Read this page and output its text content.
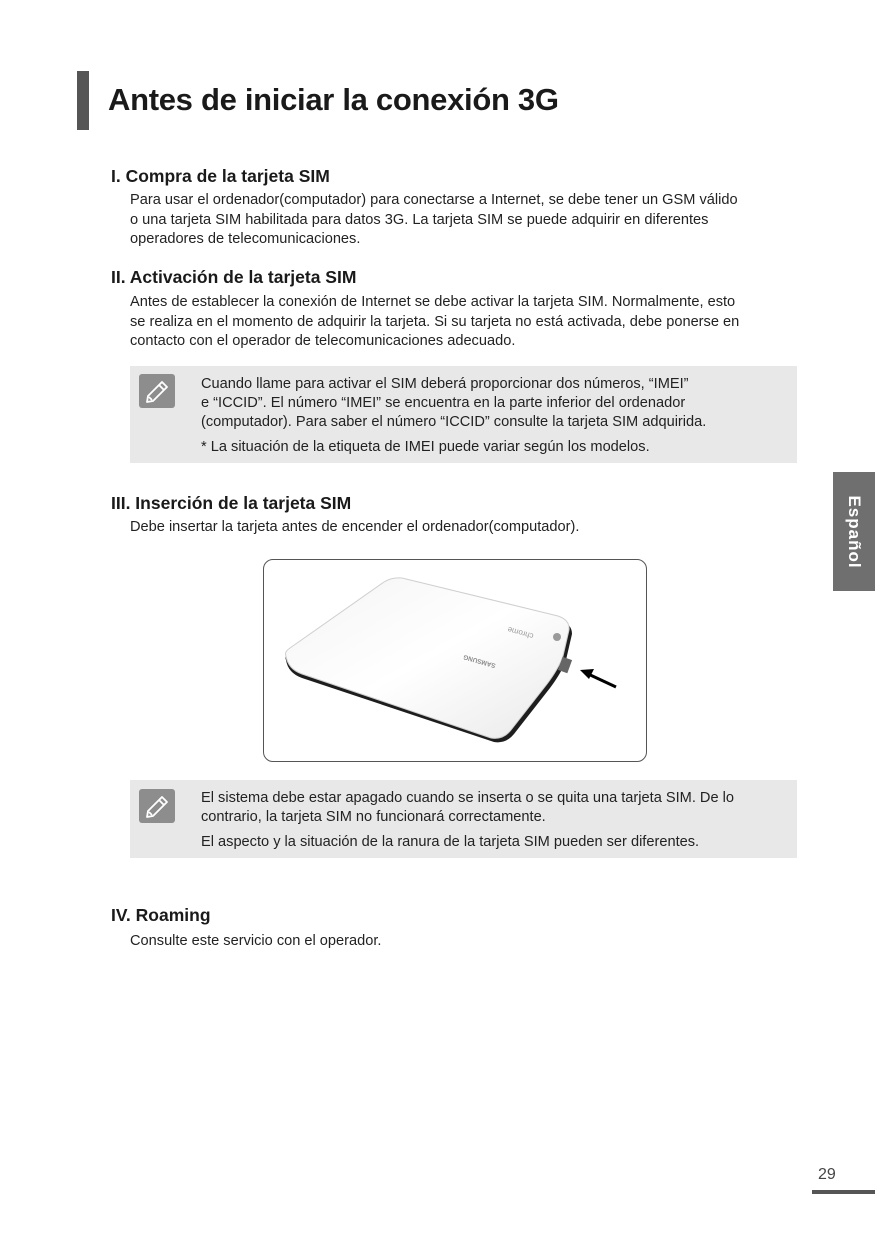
Antes de iniciar la conexión 3G
I. Compra de la tarjeta SIM

Para usar el ordenador(computador) para conectarse a Internet, se debe tener un GSM válido

o una tarjeta SIM habilitada para datos 3G. La tarjeta SIM se puede adquirir en diferentes

operadores de telecomunicaciones.

II. Activación de la tarjeta SIM

Antes de establecer la conexión de Internet se debe activar la tarjeta SIM. Normalmente, esto

se realiza en el momento de adquirir la tarjeta. Si su tarjeta no está activada, debe ponerse en

contacto con el operador de telecomunicaciones adecuado.

Cuando llame para activar el SIM deberá proporcionar dos números, “IMEI”

e “ICCID”. El número “IMEI” se encuentra en la parte inferior del ordenador

(computador). Para saber el número “ICCID” consulte la tarjeta SIM adquirida.

* La situación de la etiqueta de IMEI puede variar según los modelos.

III. Inserción de la tarjeta SIM

Debe insertar la tarjeta antes de encender el ordenador(computador).

SAMSUNG
chrome

El sistema debe estar apagado cuando se inserta o se quita una tarjeta SIM. De lo

contrario, la tarjeta SIM no funcionará correctamente.

El aspecto y la situación de la ranura de la tarjeta SIM pueden ser diferentes.

IV. Roaming

Consulte este servicio con el operador.

Español
29
